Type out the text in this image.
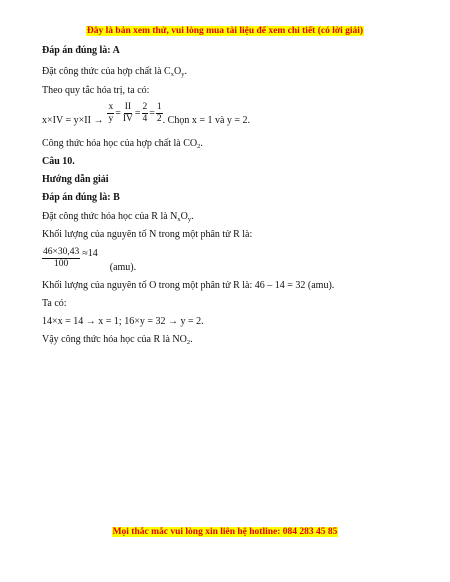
Đây là bản xem thử, vui lòng mua tài liệu để xem chi tiết (có lời giải)
Đáp án đúng là: A
Đặt công thức của hợp chất là $C_xO_y$.
Theo quy tắc hóa trị, ta có:
$x\times IV = y\times II \to \frac{x}{y} = \frac{II}{IV} = \frac{2}{4} = \frac{1}{2}$ . Chọn x = 1 và y = 2.
Công thức hóa học của hợp chất là $CO_2$.
Câu 10.
Hướng dẫn giải
Đáp án đúng là: B
Đặt công thức hóa học của R là $N_xO_y$.
Khối lượng của nguyên tố N trong một phân tử R là:
$\frac{46\times 30,43}{100} \approx 14$
(amu).
Khối lượng của nguyên tố O trong một phân tử R là: 46 – 14 = 32 (amu).
Ta có:
14×x = 14 → x = 1; 16×y = 32 → y = 2.
Vậy công thức hóa học của R là $NO_2$.
Mọi thắc mắc vui lòng xin liên hệ hotline: 084 283 45 85
